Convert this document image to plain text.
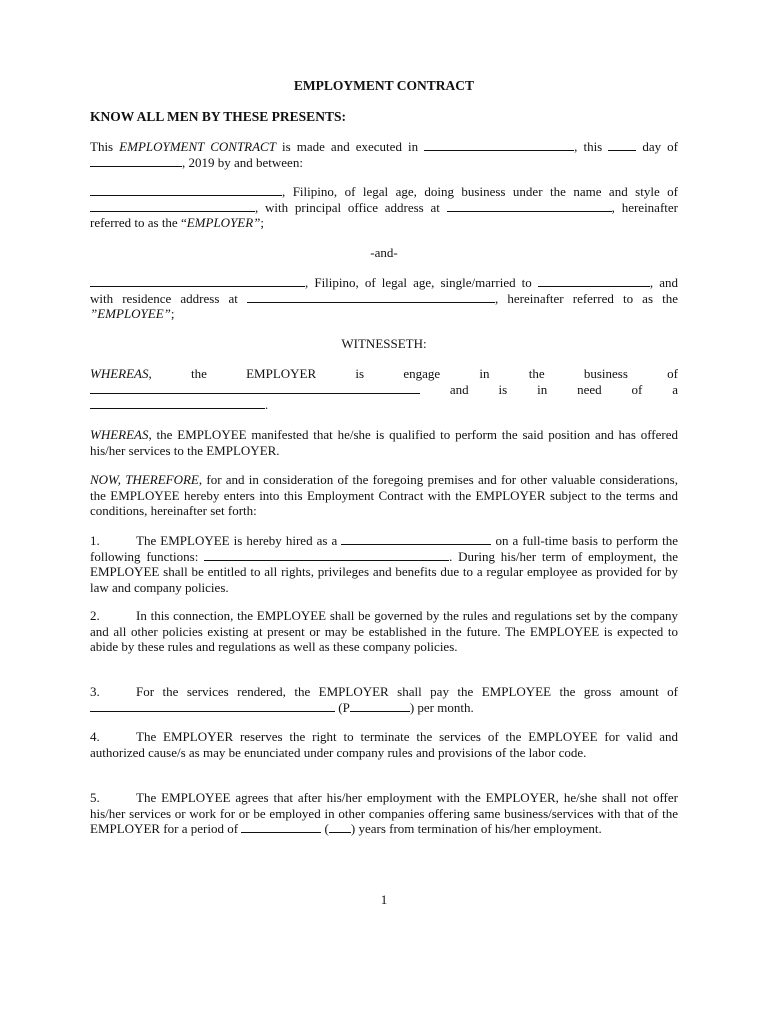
EMPLOYMENT CONTRACT

KNOW ALL MEN BY THESE PRESENTS:

This EMPLOYMENT CONTRACT is made and executed in	, this	day of , 2019 by and between:

, Filipino, of legal age, doing business under the name and style of , with principal office address at	, hereinafter referred to as the “EMPLOYER”;

-and-

, Filipino, of legal age, single/married to	, and with residence address at	, hereinafter referred to as the ”EMPLOYEE”;

WITNESSETH:

WHEREAS, the EMPLOYER is engage in the business of  and is in need of a .

WHEREAS, the EMPLOYEE manifested that he/she is qualified to perform the said position and has offered his/her services to the EMPLOYER.

NOW, THEREFORE, for and in consideration of the foregoing premises and for other valuable considerations, the EMPLOYEE hereby enters into this Employment Contract with the EMPLOYER subject to the terms and conditions, hereinafter set forth:

1.	The EMPLOYEE is hereby hired as a	on a full-time basis to perform the following functions:	. During his/her term of employment, the EMPLOYEE shall be entitled to all rights, privileges and benefits due to a regular employee as provided for by law and company policies.

2.	In this connection, the EMPLOYEE shall be governed by the rules and regulations set by the company and all other policies existing at present or may be established in the future. The EMPLOYEE is expected to abide by these rules and regulations as well as these company policies.

3.	For the services rendered, the EMPLOYER shall pay the EMPLOYEE the gross amount of  (P	) per month.

4.	The EMPLOYER reserves the right to terminate the services of the EMPLOYEE for valid and authorized cause/s as may be enunciated under company rules and provisions of the labor code.

5.	The EMPLOYEE agrees that after his/her employment with the EMPLOYER, he/she shall not offer his/her services or work for or be employed in other companies offering same business/services with that of the EMPLOYER for a period of	( ) years from termination of his/her employment.

1
